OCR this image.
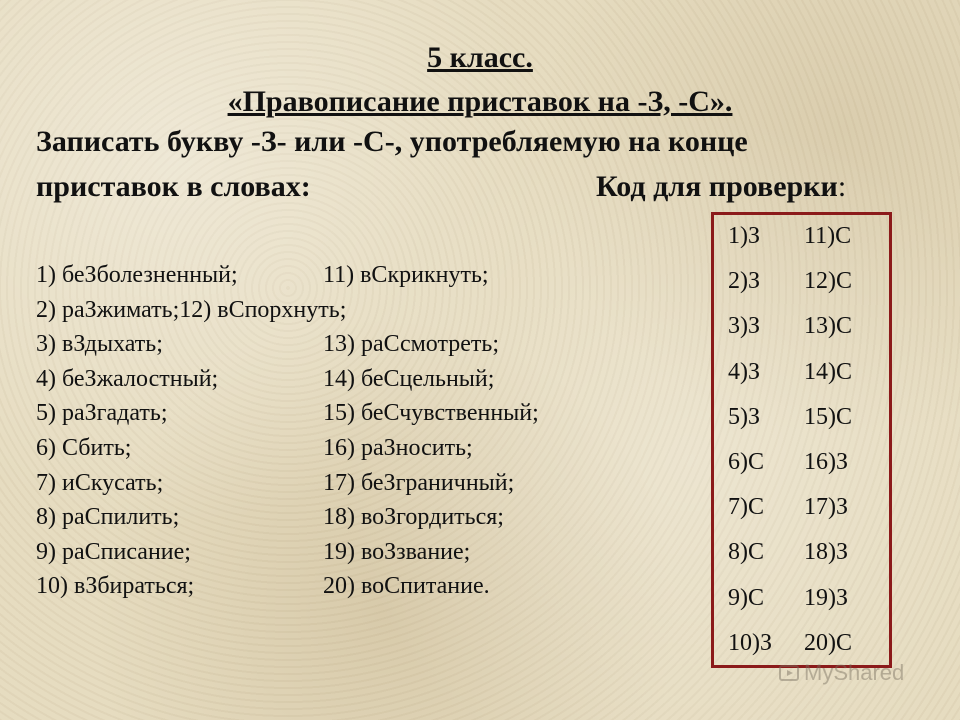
5 класс.
«Правописание приставок на -З, -С».
Записать букву -З- или -С-, употребляемую на конце
приставок в словах:	Код для проверки:
1) беЗболезненный;
2) раЗжимать;12) вСпорхнуть;
3) вЗдыхать;
4) беЗжалостный;
5) раЗгадать;
6) Сбить;
7) иСкусать;
8) раСпилить;
9) раСписание;
10) вЗбираться;
11) вСкрикнуть;

13) раСсмотреть;
14) беСцельный;
15) беСчувственный;
16) раЗносить;
17) беЗграничный;
18) воЗгордиться;
19) воЗзвание;
20) воСпитание.
1)З 11)С
2)З 12)С
3)З 13)С
4)З 14)С
5)З 15)С
6)С 16)З
7)С 17)З
8)С 18)З
9)С 19)З
10)З 20)С
MyShared
